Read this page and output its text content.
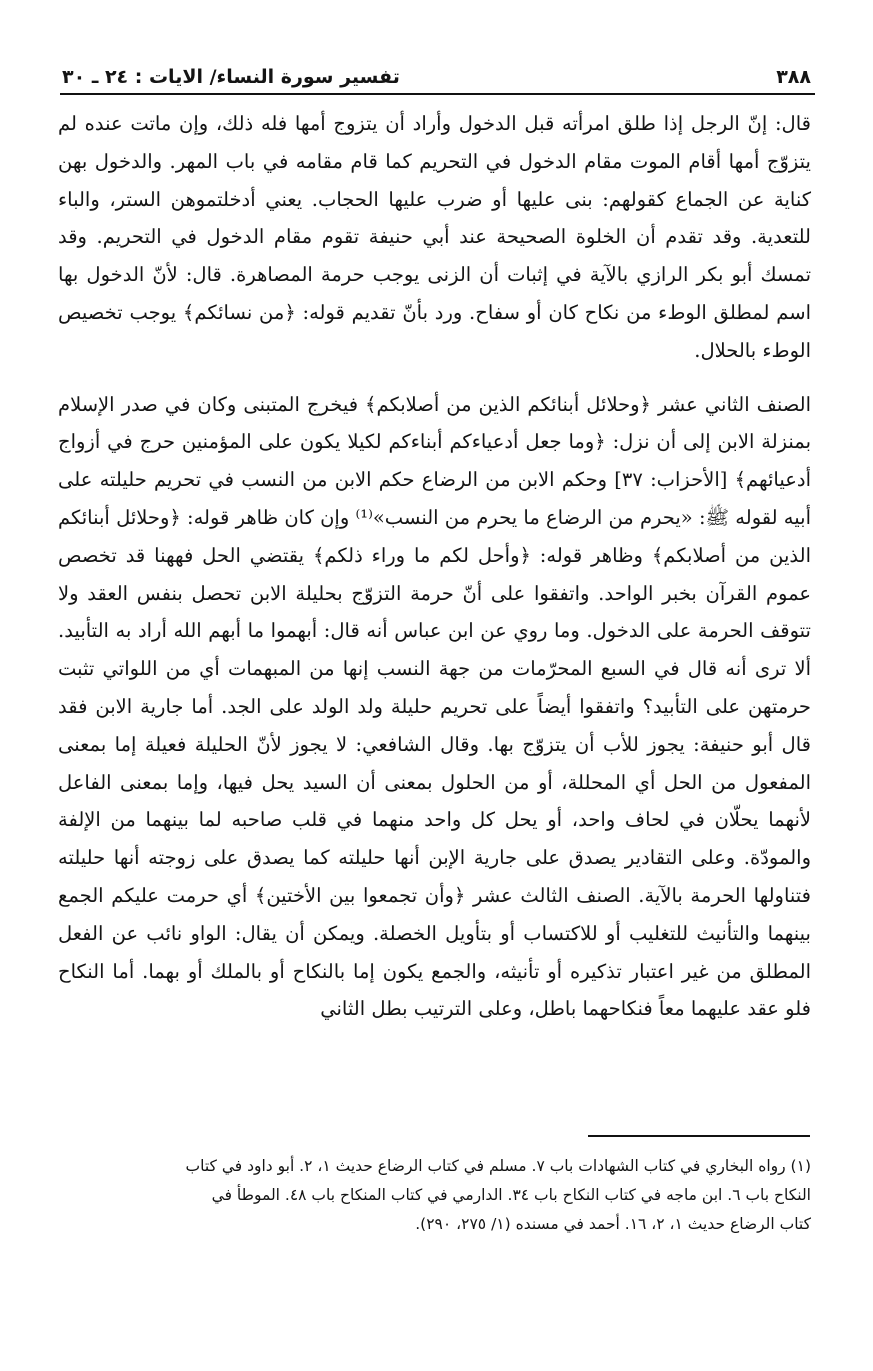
٣٨٨
تفسير سورة النساء/ الايات : ٢٤ ـ ٣٠

قال: إنّ الرجل إذا طلق امرأته قبل الدخول وأراد أن يتزوج أمها فله ذلك، وإن ماتت عنده لم يتزوّج أمها أقام الموت مقام الدخول في التحريم كما قام مقامه في باب المهر. والدخول بهن كناية عن الجماع كقولهم: بنى عليها أو ضرب عليها الحجاب. يعني أدخلتموهن الستر، والباء للتعدية. وقد تقدم أن الخلوة الصحيحة عند أبي حنيفة تقوم مقام الدخول في التحريم. وقد تمسك أبو بكر الرازي بالآية في إثبات أن الزنى يوجب حرمة المصاهرة. قال: لأنّ الدخول بها اسم لمطلق الوطء من نكاح كان أو سفاح. ورد بأنّ تقديم قوله: ﴿من نسائكم﴾ يوجب تخصيص الوطء بالحلال.

الصنف الثاني عشر ﴿وحلائل أبنائكم الذين من أصلابكم﴾ فيخرج المتبنى وكان في صدر الإسلام بمنزلة الابن إلى أن نزل: ﴿وما جعل أدعياءكم أبناءكم لكيلا يكون على المؤمنين حرج في أزواج أدعيائهم﴾ [الأحزاب: ٣٧] وحكم الابن من الرضاع حكم الابن من النسب في تحريم حليلته على أبيه لقوله ﷺ: «يحرم من الرضاع ما يحرم من النسب»⁽¹⁾ وإن كان ظاهر قوله: ﴿وحلائل أبنائكم الذين من أصلابكم﴾ وظاهر قوله: ﴿وأحل لكم ما وراء ذلكم﴾ يقتضي الحل فههنا قد تخصص عموم القرآن بخبر الواحد. واتفقوا على أنّ حرمة التزوّج بحليلة الابن تحصل بنفس العقد ولا تتوقف الحرمة على الدخول. وما روي عن ابن عباس أنه قال: أبهموا ما أبهم الله أراد به التأبيد. ألا ترى أنه قال في السبع المحرّمات من جهة النسب إنها من المبهمات أي من اللواتي تثبت حرمتهن على التأبيد؟ واتفقوا أيضاً على تحريم حليلة ولد الولد على الجد. أما جارية الابن فقد قال أبو حنيفة: يجوز للأب أن يتزوّج بها. وقال الشافعي: لا يجوز لأنّ الحليلة فعيلة إما بمعنى المفعول من الحل أي المحللة، أو من الحلول بمعنى أن السيد يحل فيها، وإما بمعنى الفاعل لأنهما يحلّان في لحاف واحد، أو يحل كل واحد منهما في قلب صاحبه لما بينهما من الإلفة والمودّة. وعلى التقادير يصدق على جارية الإبن أنها حليلته كما يصدق على زوجته أنها حليلته فتناولها الحرمة بالآية. الصنف الثالث عشر ﴿وأن تجمعوا بين الأختين﴾ أي حرمت عليكم الجمع بينهما والتأنيث للتغليب أو للاكتساب أو بتأويل الخصلة. ويمكن أن يقال: الواو نائب عن الفعل المطلق من غير اعتبار تذكيره أو تأنيثه، والجمع يكون إما بالنكاح أو بالملك أو بهما. أما النكاح فلو عقد عليهما معاً فنكاحهما باطل، وعلى الترتيب بطل الثاني

(١) رواه البخاري في كتاب الشهادات باب ٧. مسلم في كتاب الرضاع حديث ١، ٢. أبو داود في كتاب
النكاح باب ٦. ابن ماجه في كتاب النكاح باب ٣٤. الدارمي في كتاب المنكاح باب ٤٨. الموطأ في
كتاب الرضاع حديث ١، ٢، ١٦. أحمد في مسنده (١/ ٢٧٥، ٢٩٠).
